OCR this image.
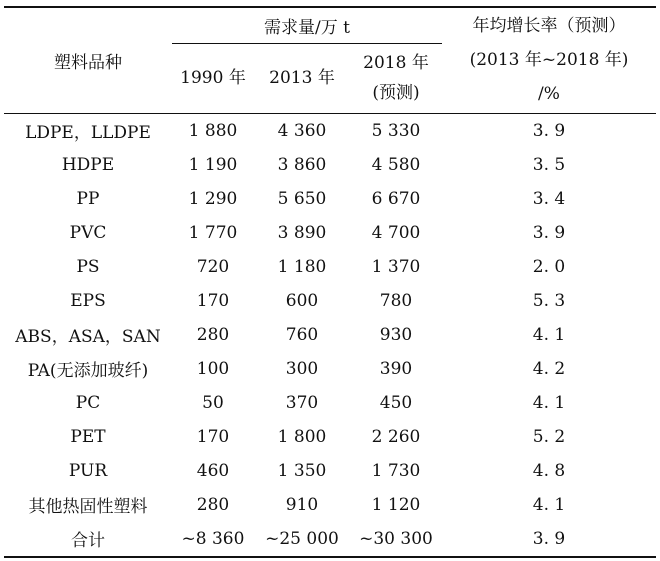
塑料品种	需求量/万 t			年均增长率（预测）
(2013 年~2018 年)
/%

	1990 年	2013 年	2018 年
(预测)	

LDPE，LLDPE	1 880	4 360	5 330	3. 9
HDPE	1 190	3 860	4 580	3. 5
PP	1 290	5 650	6 670	3. 4
PVC	1 770	3 890	4 700	3. 9
PS	720	1 180	1 370	2. 0
EPS	170	600	780	5. 3
ABS，ASA，SAN	280	760	930	4. 1
PA(无添加玻纤)	100	300	390	4. 2
PC	50	370	450	4. 1
PET	170	1 800	2 260	5. 2
PUR	460	1 350	1 730	4. 8
其他热固性塑料	280	910	1 120	4. 1
合计	~8 360	~25 000	~30 300	3. 9
